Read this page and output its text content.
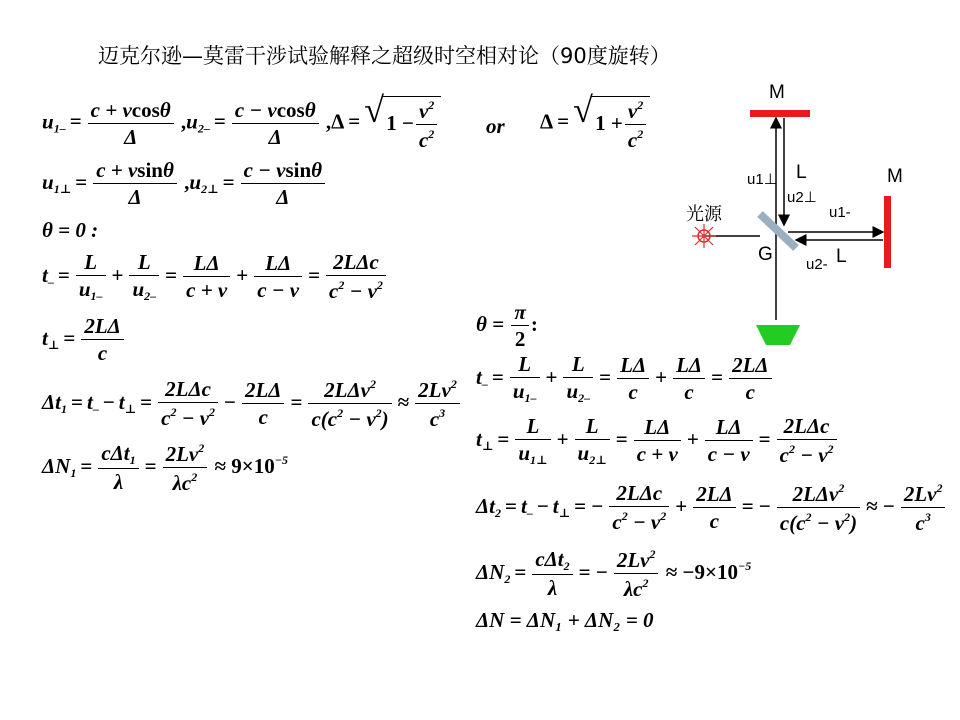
迈克尔逊—莫雷干涉试验解释之超级时空相对论（90度旋转）
$u_{1-} = \frac{c + vcos\theta}{\Delta} ,u_{2-} = \frac{c - vcos\theta}{\Delta} ,\Delta$ = √ $1 - \frac{v^2}{c^2}$ or Δ = √ $1 + \frac{v^2}{c^2}$
$u_{1\perp} = \frac{c + vsin\theta}{\Delta} ,u_{2\perp} = \frac{c - vsin\theta}{\Delta}$
θ = 0 :
$t_- = \frac{L}{u_{1-}} + \frac{L}{u_{2-}} = \frac{L\Delta}{c + v} + \frac{L\Delta}{c - v}$ =
2LΔc
$c^2 - v^2$
$t_\perp = \frac{2L\Delta}{c}$
$\Delta t_1 = t_- - t_\perp$ =
2LΔc
$c^2 - v^2 - \frac{2L\Delta}{c}$ =	2LΔv$^2$
$c(c^2 - v^2)$
≈ $\frac{2Lv^2}{c^3}$
$\Delta N_1$ =
cΔt$_1$
λ
= $\frac{2Lv^2}{\lambda c^2} \approx 9\times 10^{-5}$
$\theta = \frac{\pi}{2}$ :
$t_- = \frac{L}{u_{1-}} + \frac{L}{u_{2-}} = \frac{L\Delta}{c} + \frac{L\Delta}{c} = \frac{2L\Delta}{c}$
$t_\perp = \frac{L}{u_{1\perp}} + \frac{L}{u_{2\perp}} = \frac{L\Delta}{c + v} + \frac{L\Delta}{c - v}$ =
2LΔc
$c^2 - v^2$
$\Delta t_2 = t_- - t_\perp$ = −
2LΔc
$c^2 - v^2 + \frac{2L\Delta}{c}$ = −	2LΔv$^2$
$c(c^2 - v^2)$
≈ − $\frac{2Lv^2}{c^3}$
$\Delta N_2$ =
cΔt$_2$
λ
= − $\frac{2Lv^2}{\lambda c^2} \approx -9\times 10^{-5}$
ΔN = ΔN₁ + ΔN₂ = 0
M
M
L
L
G
光源
u1⊥
u2⊥
u1-
u2-
